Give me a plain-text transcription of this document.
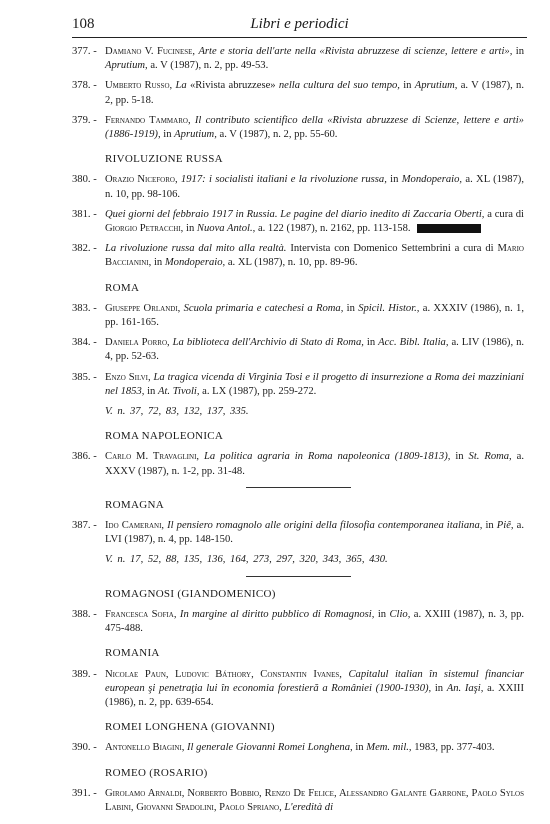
108	Libri e periodici
377. - Damiano V. Fucinese, Arte e storia dell'arte nella «Rivista abruzzese di scienze, lettere e arti», in Aprutium, a. V (1987), n. 2, pp. 49-53.
378. - Umberto Russo, La «Rivista abruzzese» nella cultura del suo tempo, in Aprutium, a. V (1987), n. 2, pp. 5-18.
379. - Fernando Tammaro, Il contributo scientifico della «Rivista abruzzese di Scienze, lettere e arti» (1886-1919), in Aprutium, a. V (1987), n. 2, pp. 55-60.
RIVOLUZIONE RUSSA
380. - Orazio Niceforo, 1917: i socialisti italiani e la rivoluzione russa, in Mondoperaio, a. XL (1987), n. 10, pp. 98-106.
381. - Quei giorni del febbraio 1917 in Russia. Le pagine del diario inedito di Zaccaria Oberti, a cura di Giorgio Petracchi, in Nuova Antol., a. 122 (1987), n. 2162, pp. 113-158.
382. - La rivoluzione russa dal mito alla realtà. Intervista con Domenico Settembrini a cura di Mario Baccianini, in Mondoperaio, a. XL (1987), n. 10, pp. 89-96.
ROMA
383. - Giuseppe Orlandi, Scuola primaria e catechesi a Roma, in Spicil. Histor., a. XXXIV (1986), n. 1, pp. 161-165.
384. - Daniela Porro, La biblioteca dell'Archivio di Stato di Roma, in Acc. Bibl. Italia, a. LIV (1986), n. 4, pp. 52-63.
385. - Enzo Silvi, La tragica vicenda di Virginia Tosi e il progetto di insurrezione a Roma dei mazziniani nel 1853, in At. Tivoli, a. LX (1987), pp. 259-272.
V. n. 37, 72, 83, 132, 137, 335.
ROMA NAPOLEONICA
386. - Carlo M. Travaglini, La politica agraria in Roma napoleonica (1809-1813), in St. Roma, a. XXXV (1987), n. 1-2, pp. 31-48.
ROMAGNA
387. - Ido Camerani, Il pensiero romagnolo alle origini della filosofia contemporanea italiana, in Piê, a. LVI (1987), n. 4, pp. 148-150.
V. n. 17, 52, 88, 135, 136, 164, 273, 297, 320, 343, 365, 430.
ROMAGNOSI (GIANDOMENICO)
388. - Francesca Sofia, In margine al diritto pubblico di Romagnosi, in Clio, a. XXIII (1987), n. 3, pp. 475-488.
ROMANIA
389. - Nicolae Paun, Ludovic Báthory, Constantin Ivanes, Capitalul italian în sistemul financiar european şi penetraţia lui în economia forestieră a României (1900-1930), in An. Iaşi, a. XXIII (1986), n. 2, pp. 639-654.
ROMEI LONGHENA (GIOVANNI)
390. - Antonello Biagini, Il generale Giovanni Romei Longhena, in Mem. mil., 1983, pp. 377-403.
ROMEO (ROSARIO)
391. - Girolamo Arnaldi, Norberto Bobbio, Renzo De Felice, Alessandro Galante Garrone, Paolo Sylos Labini, Giovanni Spadolini, Paolo Spriano, L'eredità di
